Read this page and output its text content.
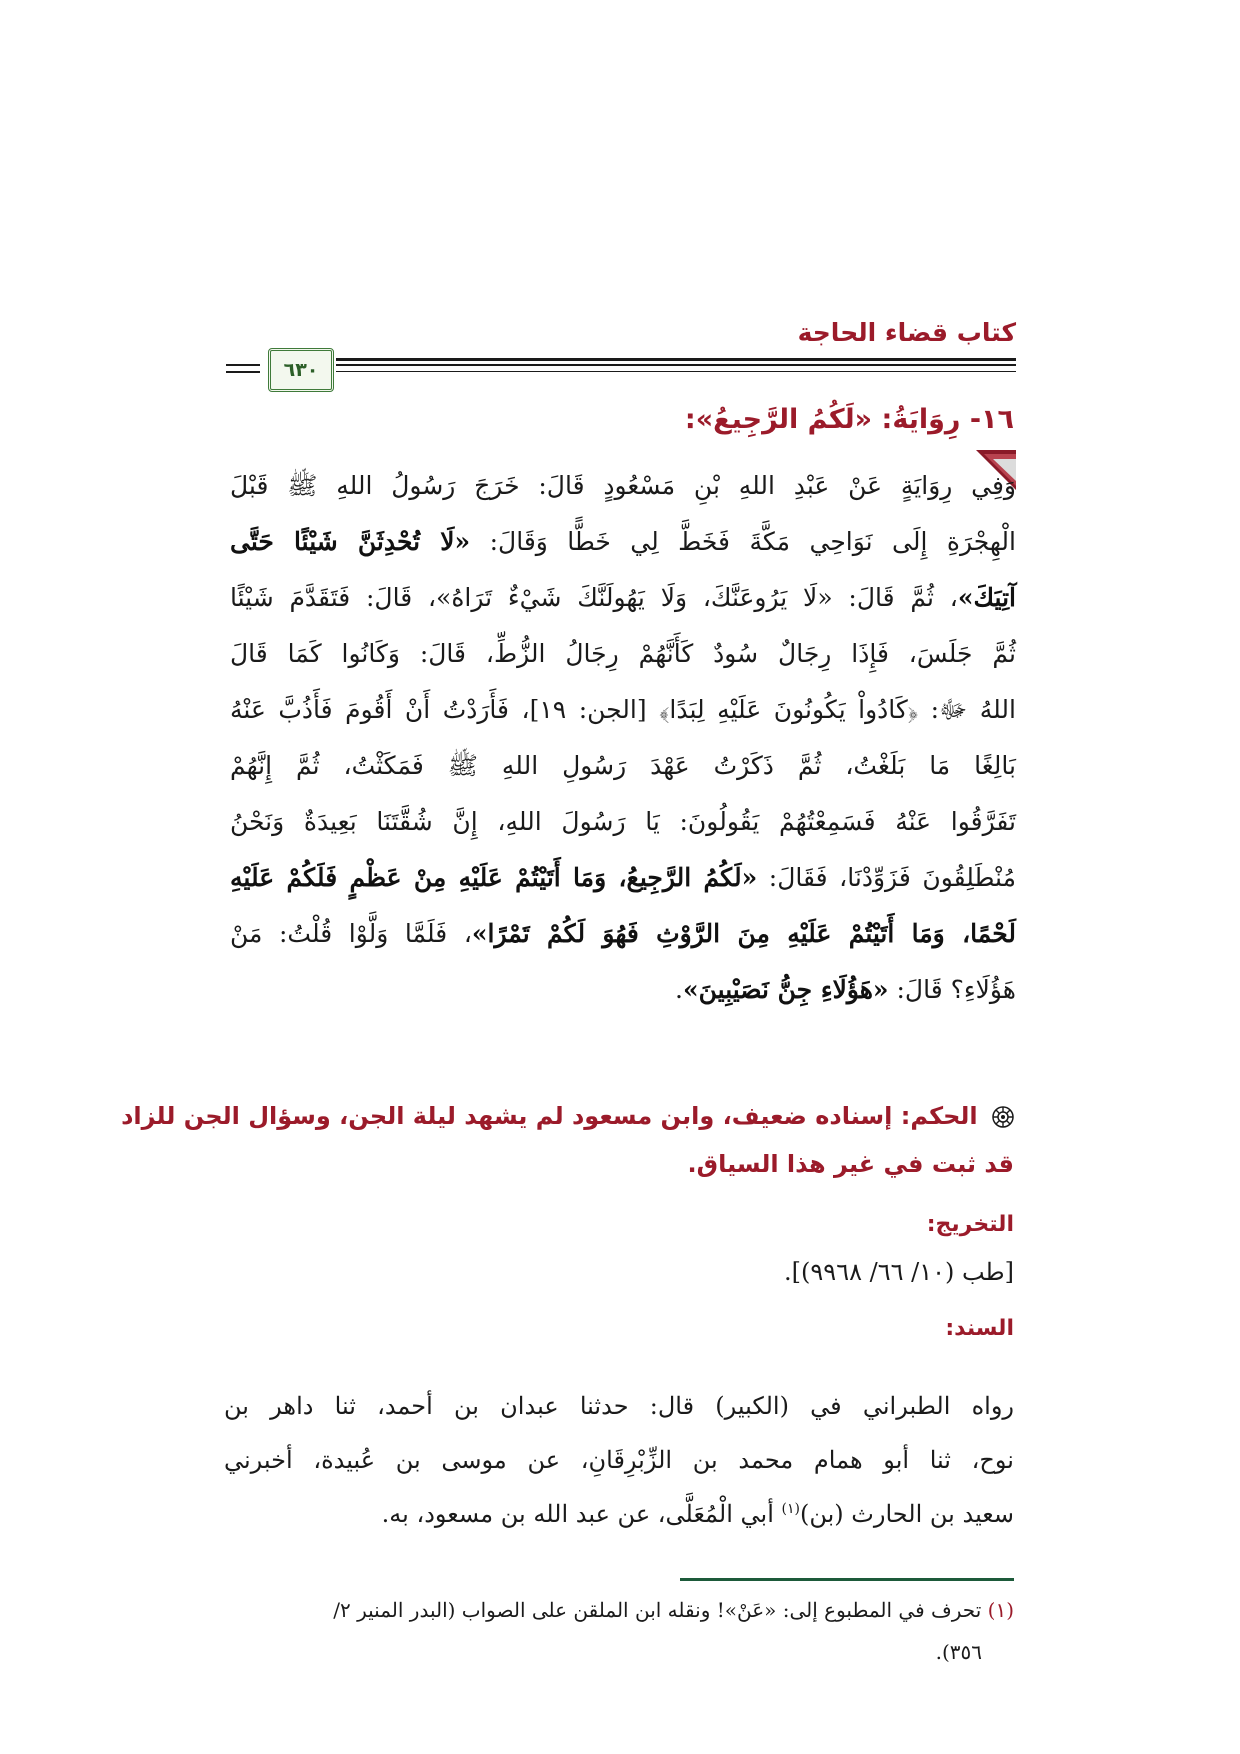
كتاب قضاء الحاجة
٦٣٠
١٦- رِوَايَةُ: «لَكُمُ الرَّجِيعُ»:
وَفِي رِوَايَةٍ عَنْ عَبْدِ اللهِ بْنِ مَسْعُودٍ قَالَ: خَرَجَ رَسُولُ اللهِ ﷺ قَبْلَ
الْهِجْرَةِ إِلَى نَوَاحِي مَكَّةَ فَخَطَّ لِي خَطًّا وَقَالَ: «لَا تُحْدِثَنَّ شَيْئًا حَتَّى
آتِيَكَ»، ثُمَّ قَالَ: «لَا يَرُوعَنَّكَ، وَلَا يَهُولَنَّكَ شَيْءٌ تَرَاهُ»، قَالَ: فَتَقَدَّمَ شَيْئًا
ثُمَّ جَلَسَ، فَإِذَا رِجَالٌ سُودٌ كَأَنَّهُمْ رِجَالُ الزُّطِّ، قَالَ: وَكَانُوا كَمَا قَالَ
اللهُ ﷻ: ﴿كَادُواْ يَكُونُونَ عَلَيْهِ لِبَدًا﴾ [الجن: ١٩]، فَأَرَدْتُ أَنْ أَقُومَ فَأَذُبَّ عَنْهُ
بَالِغًا مَا بَلَغْتُ، ثُمَّ ذَكَرْتُ عَهْدَ رَسُولِ اللهِ ﷺ فَمَكَثْتُ، ثُمَّ إِنَّهُمْ
تَفَرَّقُوا عَنْهُ فَسَمِعْتُهُمْ يَقُولُونَ: يَا رَسُولَ اللهِ، إِنَّ شُقَّتَنَا بَعِيدَةٌ وَنَحْنُ
مُنْطَلِقُونَ فَزَوِّدْنَا، فَقَالَ: «لَكُمُ الرَّجِيعُ، وَمَا أَتَيْتُمْ عَلَيْهِ مِنْ عَظْمٍ فَلَكُمْ عَلَيْهِ
لَحْمًا، وَمَا أَتَيْتُمْ عَلَيْهِ مِنَ الرَّوْثِ فَهُوَ لَكُمْ تَمْرًا»، فَلَمَّا وَلَّوْا قُلْتُ: مَنْ
هَؤُلَاءِ؟ قَالَ: «هَؤُلَاءِ جِنُّ نَصَيْبِينَ».
الحكم: إسناده ضعيف، وابن مسعود لم يشهد ليلة الجن، وسؤال الجن للزاد
قد ثبت في غير هذا السياق.
التخريج:
[طب (١٠/ ٦٦/ ٩٩٦٨)].
السند:
رواه الطبراني في (الكبير) قال: حدثنا عبدان بن أحمد، ثنا داهر بن
نوح، ثنا أبو همام محمد بن الزِّبْرِقَانِ، عن موسى بن عُبيدة، أخبرني
سعيد بن الحارث (بن)$^{(١)}$ أبي الْمُعَلَّى، عن عبد الله بن مسعود، به.
(١) تحرف في المطبوع إلى: «عَنْ»! ونقله ابن الملقن على الصواب (البدر المنير ٢/
٣٥٦).
